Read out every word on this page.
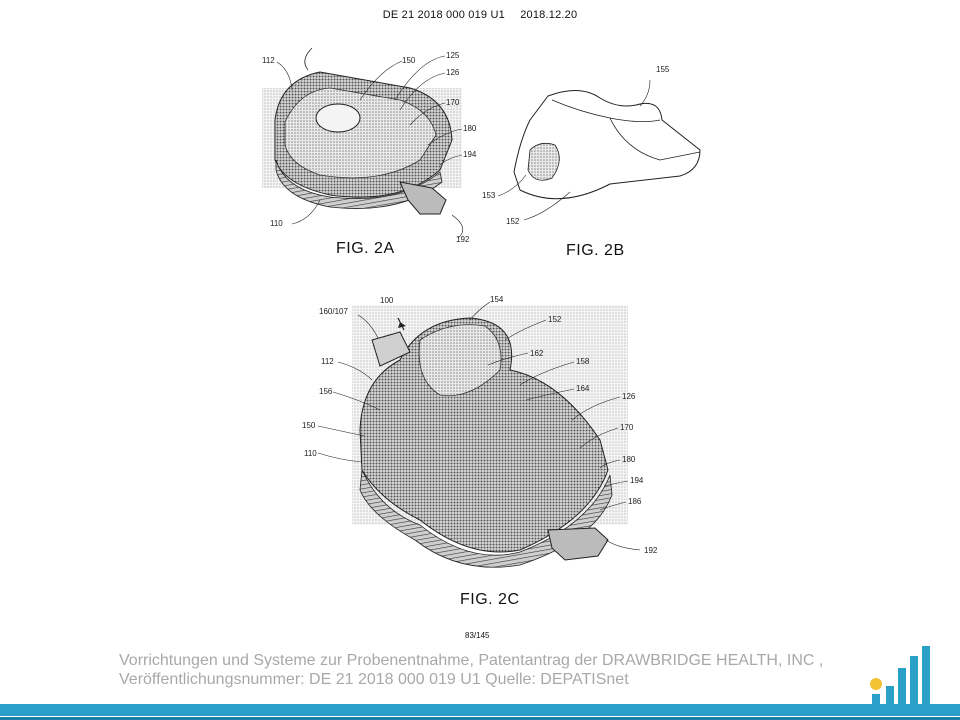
DE 21 2018 000 019 U1 2018.12.20
112
125
150
126
170
180
194
110
192
155
153
152
100	154
160/107
152
112
162
158
156	164
126
150	170
110
180
194
186
192
FIG. 2A	FIG. 2B
FIG. 2C
83/145
Vorrichtungen und Systeme zur Probenentnahme, Patentantrag der DRAWBRIDGE HEALTH, INC ,
Veröffentlichungsnummer: DE 21 2018 000 019 U1 Quelle: DEPATISnet
